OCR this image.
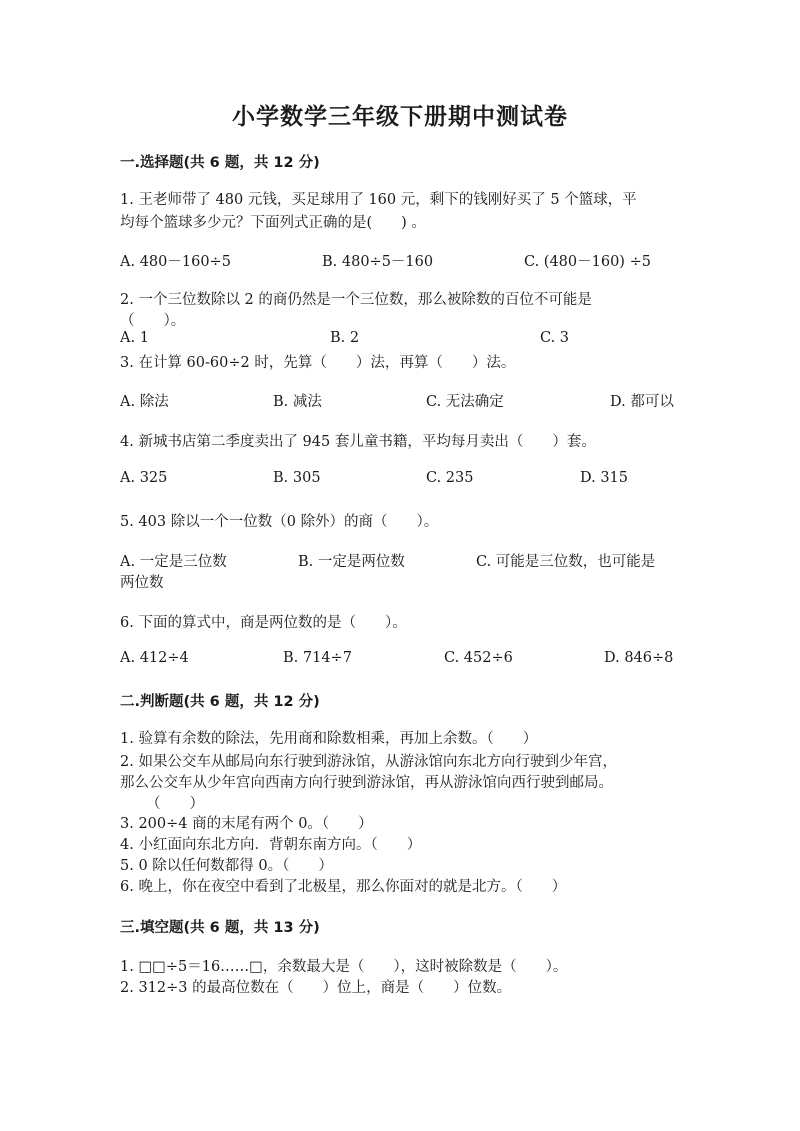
小学数学三年级下册期中测试卷
一.选择题(共 6 题，共 12 分)
1. 王老师带了 480 元钱，买足球用了 160 元，剩下的钱刚好买了 5 个篮球，平
均每个篮球多少元？下面列式正确的是(　　) 。
A. 480－160÷5	B. 480÷5－160	C. (480－160) ÷5
2. 一个三位数除以 2 的商仍然是一个三位数，那么被除数的百位不可能是
（　　）。
A. 1	B. 2	C. 3
3. 在计算 60-60÷2 时，先算（　　）法，再算（　　）法。
A. 除法	B. 减法	C. 无法确定	D. 都可以
4. 新城书店第二季度卖出了 945 套儿童书籍，平均每月卖出（　　）套。
A. 325	B. 305	C. 235	D. 315
5. 403 除以一个一位数（0 除外）的商（　　）。
A. 一定是三位数	B. 一定是两位数	C. 可能是三位数，也可能是
两位数
6. 下面的算式中，商是两位数的是（　　）。
A. 412÷4	B. 714÷7	C. 452÷6	D. 846÷8
二.判断题(共 6 题，共 12 分)
1. 验算有余数的除法，先用商和除数相乘，再加上余数。（　　）
2. 如果公交车从邮局向东行驶到游泳馆，从游泳馆向东北方向行驶到少年宫，
那么公交车从少年宫向西南方向行驶到游泳馆，再从游泳馆向西行驶到邮局。
（　　）
3. 200÷4 商的末尾有两个 0。（　　）
4. 小红面向东北方向．背朝东南方向。（　　）
5. 0 除以任何数都得 0。（　　）
6. 晚上，你在夜空中看到了北极星，那么你面对的就是北方。（　　）
三.填空题(共 6 题，共 13 分)
1. □□÷5＝16……□，余数最大是（　　），这时被除数是（　　）。
2. 312÷3 的最高位数在（　　）位上，商是（　　）位数。
